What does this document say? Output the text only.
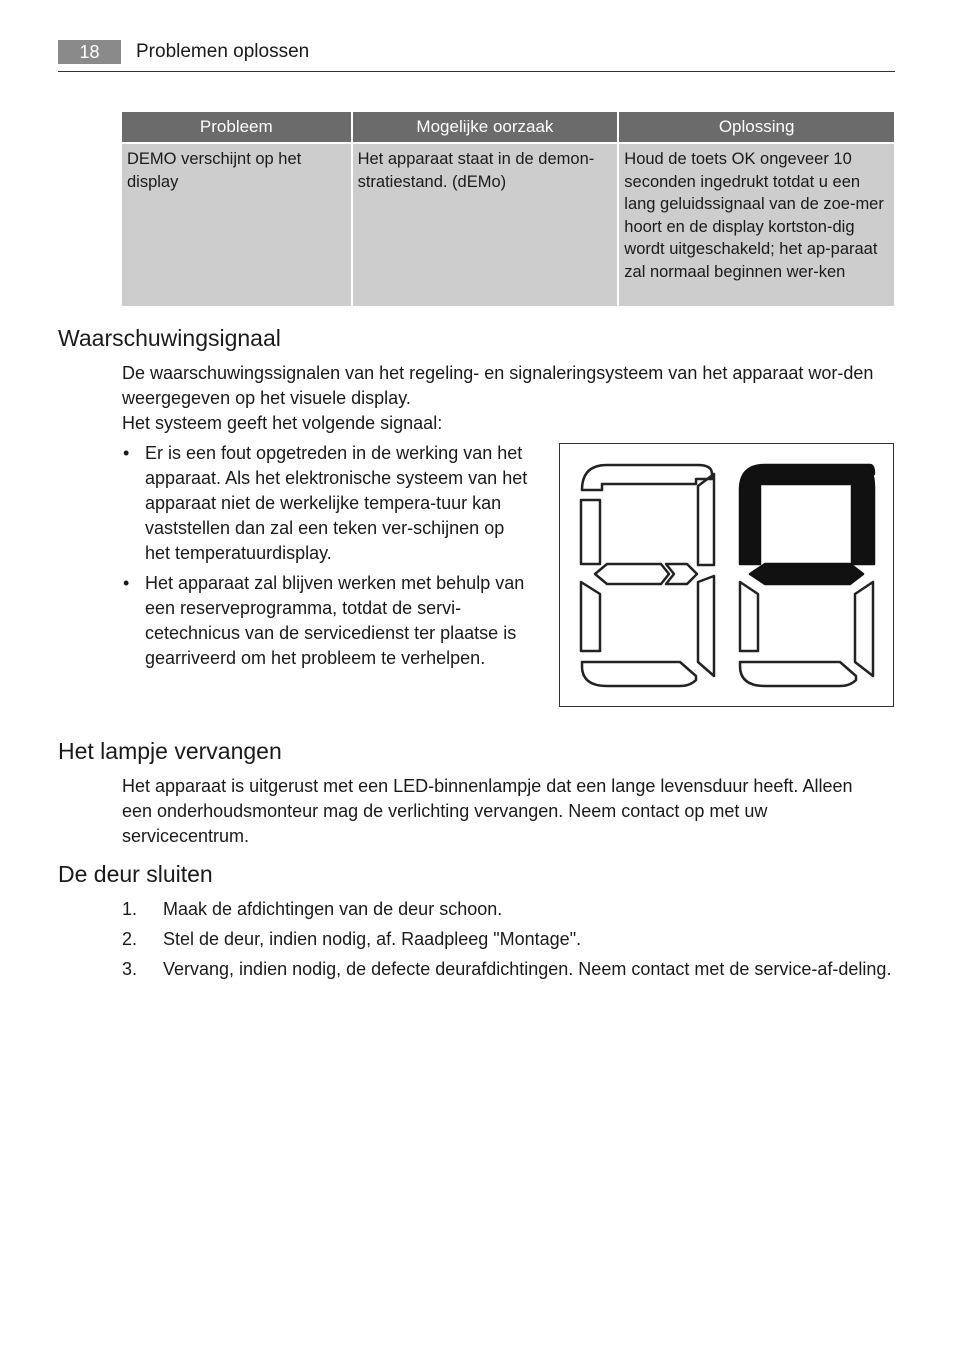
18	Problemen oplossen
Probleem	Mogelijke oorzaak	Oplossing
DEMO verschijnt op het display	Het apparaat staat in de demon-stratiestand. (dEMo)	Houd de toets OK ongeveer 10 seconden ingedrukt totdat u een lang geluidssignaal van de zoe-mer hoort en de display kortston-dig wordt uitgeschakeld; het ap-paraat zal normaal beginnen wer-ken
Waarschuwingsignaal

De waarschuwingssignalen van het regeling- en signaleringsysteem van het apparaat wor-den weergegeven op het visuele display.

Het systeem geeft het volgende signaal:

• Er is een fout opgetreden in de werking van het apparaat. Als het elektronische systeem van het apparaat niet de werkelijke tempera-tuur kan vaststellen dan zal een teken ver-schijnen op het temperatuurdisplay.
• Het apparaat zal blijven werken met behulp van een reserveprogramma, totdat de servi-cetechnicus van de servicedienst ter plaatse is gearriveerd om het probleem te verhelpen.
Het lampje vervangen

Het apparaat is uitgerust met een LED-binnenlampje dat een lange levensduur heeft. Alleen een onderhoudsmonteur mag de verlichting vervangen. Neem contact op met uw servicecentrum.

De deur sluiten
1. Maak de afdichtingen van de deur schoon.
2. Stel de deur, indien nodig, af. Raadpleeg "Montage".
3. Vervang, indien nodig, de defecte deurafdichtingen. Neem contact met de service-af-deling.
